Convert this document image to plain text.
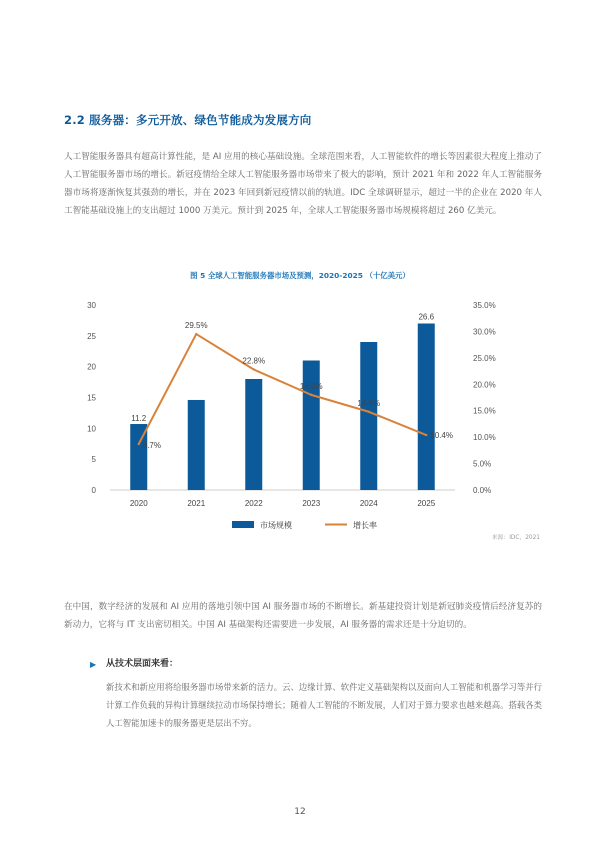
2.2 服务器：多元开放、绿色节能成为发展方向
人工智能服务器具有超高计算性能，是 AI 应用的核心基础设施。全球范围来看，人工智能软件的增长等因素很大程度上推动了人工智能服务器市场的增长。新冠疫情给全球人工智能服务器市场带来了极大的影响，预计 2021 年和 2022 年人工智能服务器市场将逐渐恢复其强劲的增长，并在 2023 年回到新冠疫情以前的轨道。IDC 全球调研显示，超过一半的企业在 2020 年人工智能基础设施上的支出超过 1000 万美元。预计到 2025 年，全球人工智能服务器市场规模将超过 260 亿美元。
图 5 全球人工智能服务器市场及预测，2020-2025 （十亿美元）
0
5
10
15
20
25
30
0.0%
5.0%
10.0%
15.0%
20.0%
25.0%
30.0%
35.0%
2020	2021	2022	2023	2024	2025
11.2
26.6
8.7%
29.5%
22.8%
18.0%
14.8%
10.4%
市场规模	增长率
来源：IDC，2021
在中国，数字经济的发展和 AI 应用的落地引领中国 AI 服务器市场的不断增长。新基建投资计划是新冠肺炎疫情后经济复苏的新动力，它将与 IT 支出密切相关。中国 AI 基础架构还需要进一步发展，AI 服务器的需求还是十分迫切的。
▶ 从技术层面来看：
新技术和新应用将给服务器市场带来新的活力。云、边缘计算、软件定义基础架构以及面向人工智能和机器学习等并行计算工作负载的异构计算继续拉动市场保持增长；随着人工智能的不断发展，人们对于算力要求也越来越高。搭载各类人工智能加速卡的服务器更是层出不穷。
12
